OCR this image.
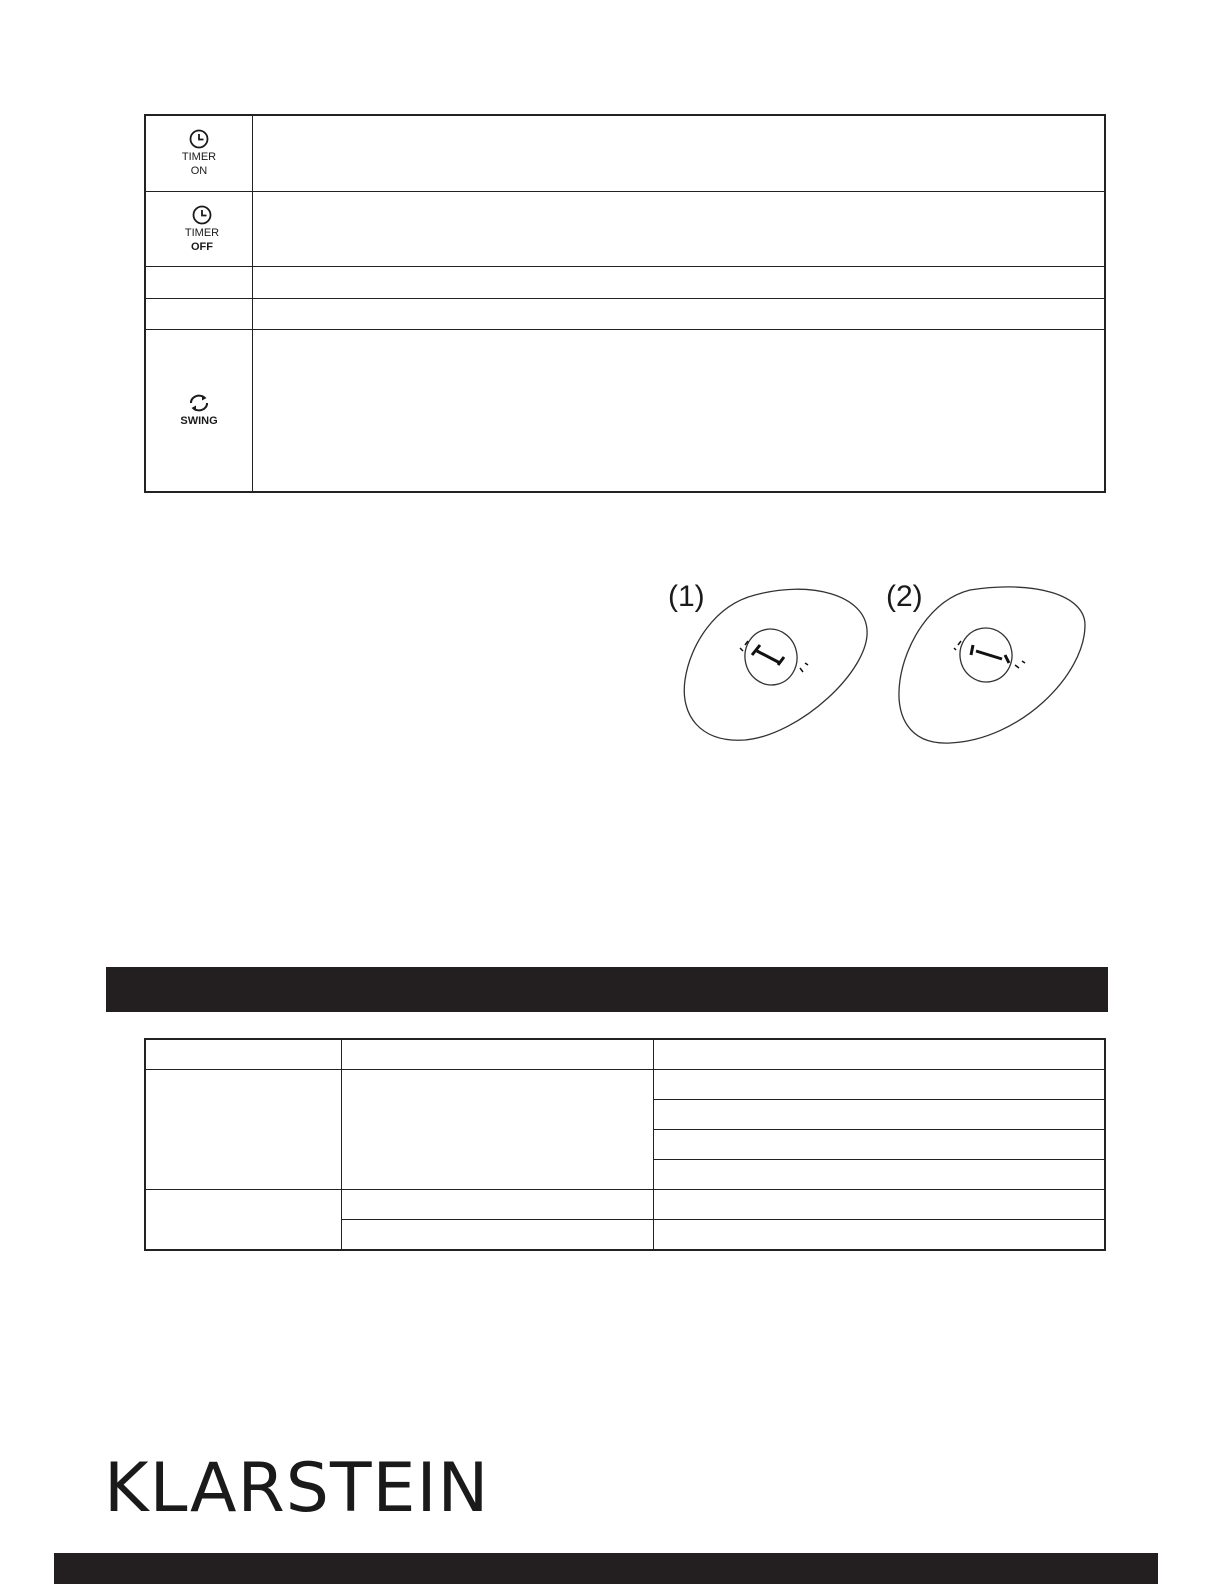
TIMER
ON	

TIMER
OFF	

SWING	

(1)	(2)

KLARSTEIN
